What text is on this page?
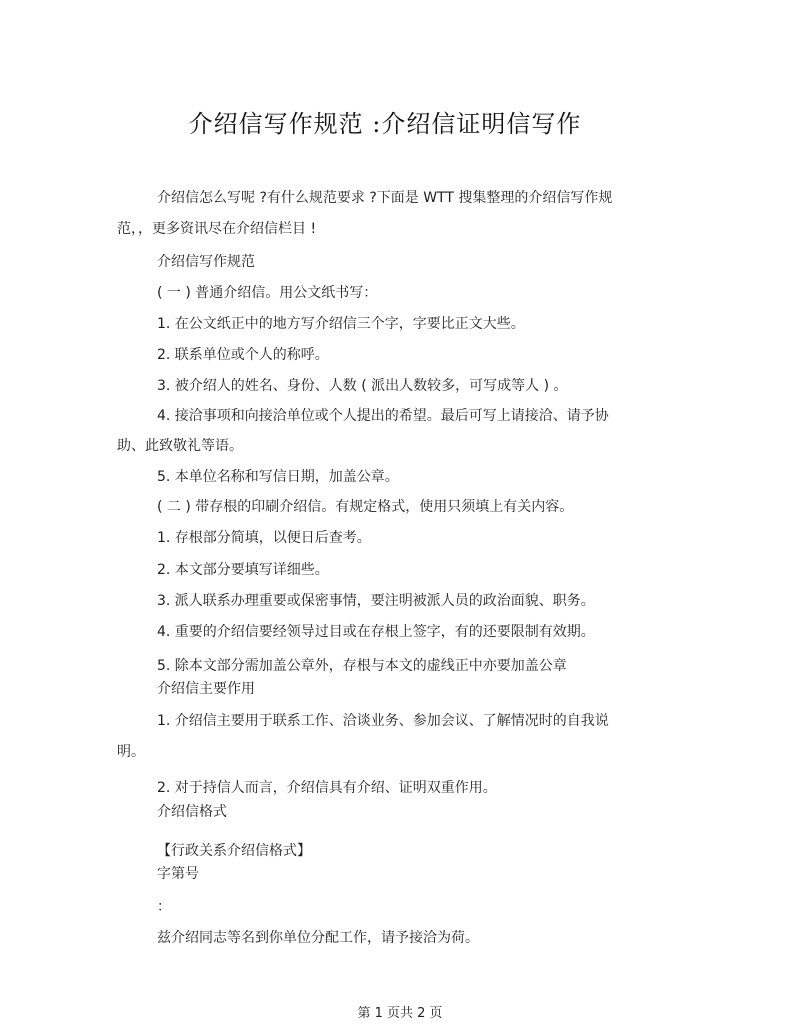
介绍信写作规范 :介绍信证明信写作
介绍信怎么写呢 ?有什么规范要求 ?下面是 WTT 搜集整理的介绍信写作规
范，，更多资讯尽在介绍信栏目 !
介绍信写作规范
( 一 ) 普通介绍信。用公文纸书写：
1. 在公文纸正中的地方写介绍信三个字，字要比正文大些。
2. 联系单位或个人的称呼。
3. 被介绍人的姓名、身份、人数 ( 派出人数较多，可写成等人 ) 。
4. 接洽事项和向接洽单位或个人提出的希望。最后可写上请接洽、请予协
助、此致敬礼等语。
5. 本单位名称和写信日期，加盖公章。
( 二 ) 带存根的印刷介绍信。有规定格式，使用只须填上有关内容。
1. 存根部分简填，以便日后查考。
2. 本文部分要填写详细些。
3. 派人联系办理重要或保密事情，要注明被派人员的政治面貌、职务。
4. 重要的介绍信要经领导过目或在存根上签字，有的还要限制有效期。
5. 除本文部分需加盖公章外，存根与本文的虚线正中亦要加盖公章
介绍信主要作用
1. 介绍信主要用于联系工作、洽谈业务、参加会议、了解情况时的自我说
明。
2. 对于持信人而言，介绍信具有介绍、证明双重作用。
介绍信格式
【行政关系介绍信格式】
字第号
：
兹介绍同志等名到你单位分配工作，请予接洽为荷。
第 1 页共 2 页
